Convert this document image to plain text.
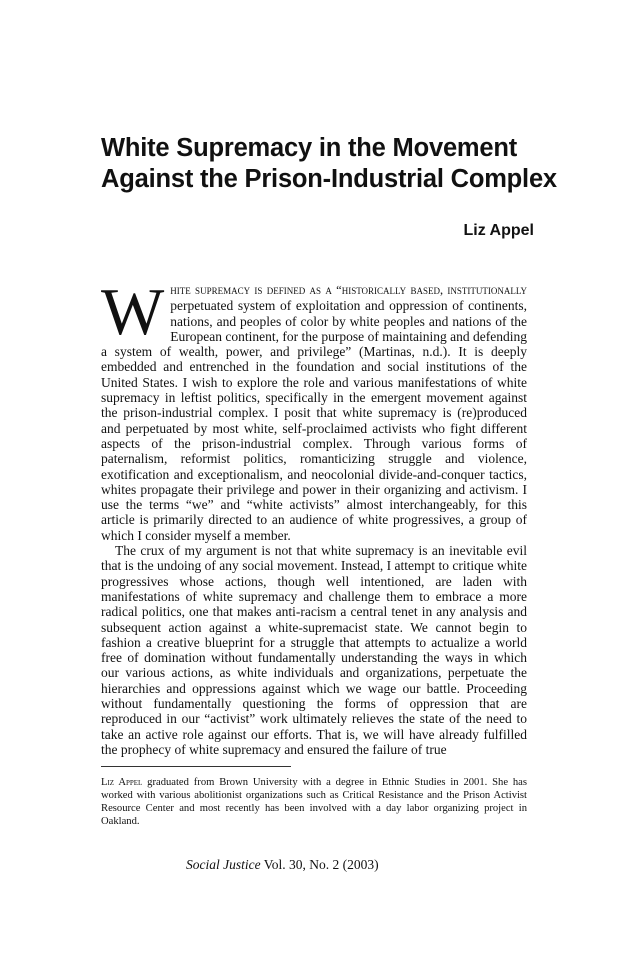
White Supremacy in the Movement Against the Prison-Industrial Complex
Liz Appel

White supremacy is defined as a “historically based, institutionally perpetuated system of exploitation and oppression of continents, nations, and peoples of color by white peoples and nations of the European continent, for the purpose of maintaining and defending a system of wealth, power, and privilege” (Martinas, n.d.). It is deeply embedded and entrenched in the foundation and social institutions of the United States. I wish to explore the role and various manifestations of white supremacy in leftist politics, specifically in the emergent movement against the prison-industrial complex. I posit that white supremacy is (re)produced and perpetuated by most white, self-proclaimed activists who fight different aspects of the prison-industrial complex. Through various forms of paternalism, reformist politics, romanticizing struggle and violence, exotification and exceptionalism, and neocolonial divide-and-conquer tactics, whites propagate their privilege and power in their organizing and activism. I use the terms “we” and “white activists” almost interchangeably, for this article is primarily directed to an audience of white progressives, a group of which I consider myself a member.

The crux of my argument is not that white supremacy is an inevitable evil that is the undoing of any social movement. Instead, I attempt to critique white progressives whose actions, though well intentioned, are laden with manifestations of white supremacy and challenge them to embrace a more radical politics, one that makes anti-racism a central tenet in any analysis and subsequent action against a white-supremacist state. We cannot begin to fashion a creative blueprint for a struggle that attempts to actualize a world free of domination without fundamentally understanding the ways in which our various actions, as white individuals and organizations, perpetuate the hierarchies and oppressions against which we wage our battle. Proceeding without fundamentally questioning the forms of oppression that are reproduced in our “activist” work ultimately relieves the state of the need to take an active role against our efforts. That is, we will have already fulfilled the prophecy of white supremacy and ensured the failure of true

Liz Appel graduated from Brown University with a degree in Ethnic Studies in 2001. She has worked with various abolitionist organizations such as Critical Resistance and the Prison Activist Resource Center and most recently has been involved with a day labor organizing project in Oakland.

Social Justice Vol. 30, No. 2 (2003)
